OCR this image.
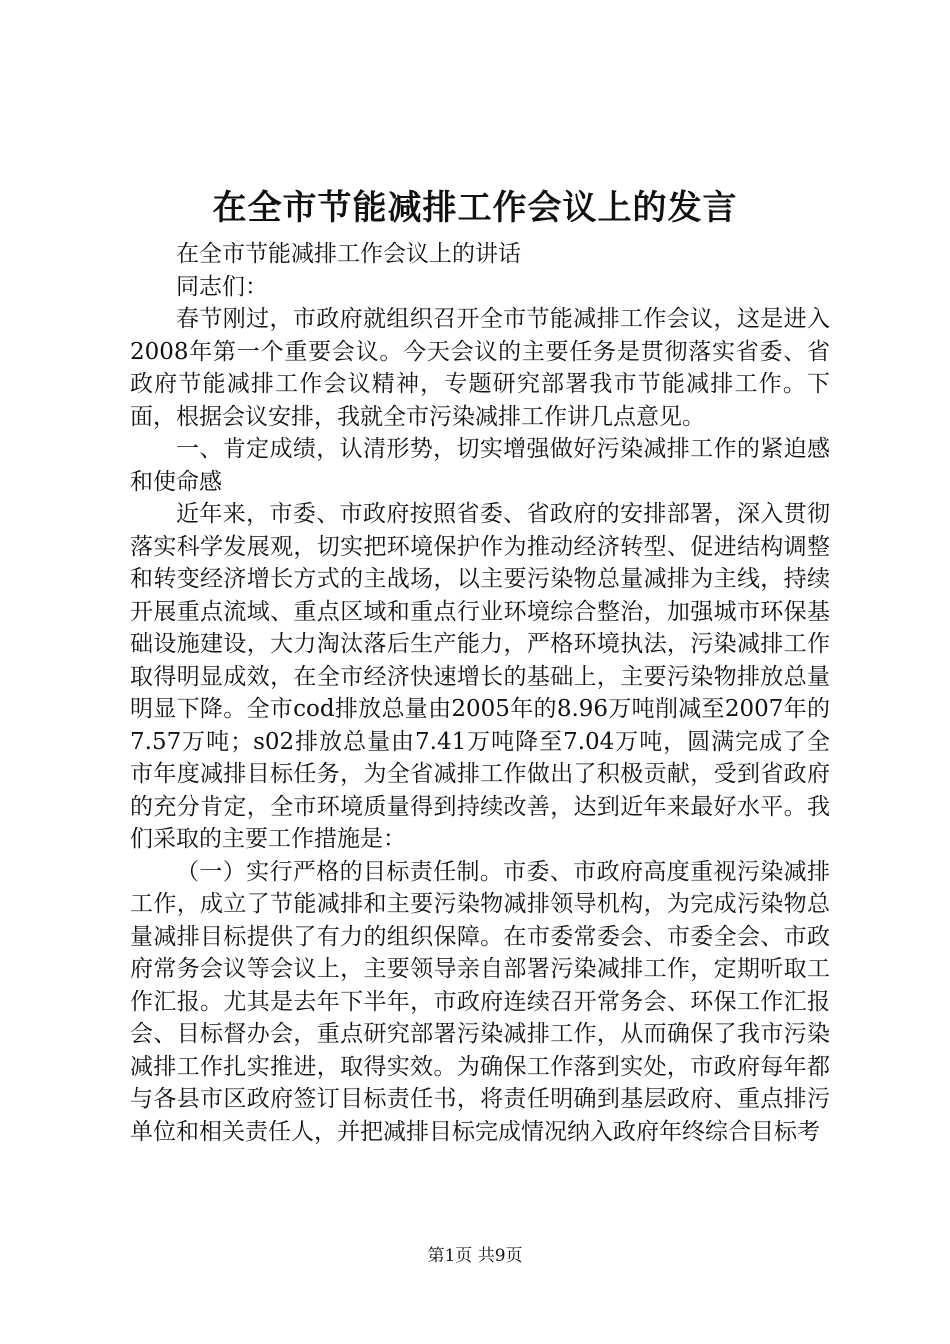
在全市节能减排工作会议上的发言

在全市节能减排工作会议上的讲话

同志们：

春节刚过，市政府就组织召开全市节能减排工作会议，这是进入2008年第一个重要会议。今天会议的主要任务是贯彻落实省委、省政府节能减排工作会议精神，专题研究部署我市节能减排工作。下面，根据会议安排，我就全市污染减排工作讲几点意见。

一、肯定成绩，认清形势，切实增强做好污染减排工作的紧迫感和使命感

近年来，市委、市政府按照省委、省政府的安排部署，深入贯彻落实科学发展观，切实把环境保护作为推动经济转型、促进结构调整和转变经济增长方式的主战场，以主要污染物总量减排为主线，持续开展重点流域、重点区域和重点行业环境综合整治，加强城市环保基础设施建设，大力淘汰落后生产能力，严格环境执法，污染减排工作取得明显成效，在全市经济快速增长的基础上，主要污染物排放总量明显下降。全市cod排放总量由2005年的8.96万吨削减至2007年的7.57万吨；s02排放总量由7.41万吨降至7.04万吨，圆满完成了全市年度减排目标任务，为全省减排工作做出了积极贡献，受到省政府的充分肯定，全市环境质量得到持续改善，达到近年来最好水平。我们采取的主要工作措施是：

（一）实行严格的目标责任制。市委、市政府高度重视污染减排工作，成立了节能减排和主要污染物减排领导机构，为完成污染物总量减排目标提供了有力的组织保障。在市委常委会、市委全会、市政府常务会议等会议上，主要领导亲自部署污染减排工作，定期听取工作汇报。尤其是去年下半年，市政府连续召开常务会、环保工作汇报会、目标督办会，重点研究部署污染减排工作，从而确保了我市污染减排工作扎实推进，取得实效。为确保工作落到实处，市政府每年都与各县市区政府签订目标责任书，将责任明确到基层政府、重点排污单位和相关责任人，并把减排目标完成情况纳入政府年终综合目标考

第1页 共9页
